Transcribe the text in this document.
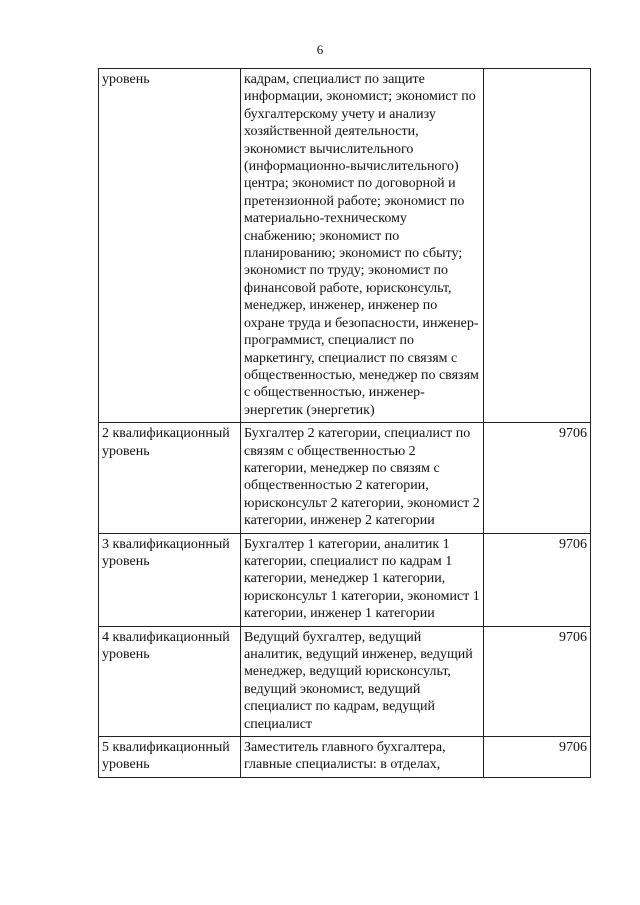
6
уровень	кадрам, специалист по защите информации, экономист; экономист по бухгалтерскому учету и анализу хозяйственной деятельности, экономист вычислительного (информационно-вычислительного) центра; экономист по договорной и претензионной работе; экономист по материально-техническому снабжению; экономист по планированию; экономист по сбыту; экономист по труду; экономист по финансовой работе, юрисконсульт, менеджер, инженер, инженер по охране труда и безопасности, инженер-программист, специалист по маркетингу, специалист по связям с общественностью, менеджер по связям с общественностью, инженер-энергетик (энергетик)	
2 квалификационный уровень	Бухгалтер 2 категории, специалист по связям с общественностью 2 категории, менеджер по связям с общественностью 2 категории, юрисконсульт 2 категории, экономист 2 категории, инженер 2 категории	9706
3 квалификационный уровень	Бухгалтер 1 категории, аналитик 1 категории, специалист по кадрам 1 категории, менеджер 1 категории, юрисконсульт 1 категории, экономист 1 категории, инженер 1 категории	9706
4 квалификационный уровень	Ведущий бухгалтер, ведущий аналитик, ведущий инженер, ведущий менеджер, ведущий юрисконсульт, ведущий экономист, ведущий специалист по кадрам, ведущий специалист	9706
5 квалификационный уровень	Заместитель главного бухгалтера, главные специалисты: в отделах,	9706
